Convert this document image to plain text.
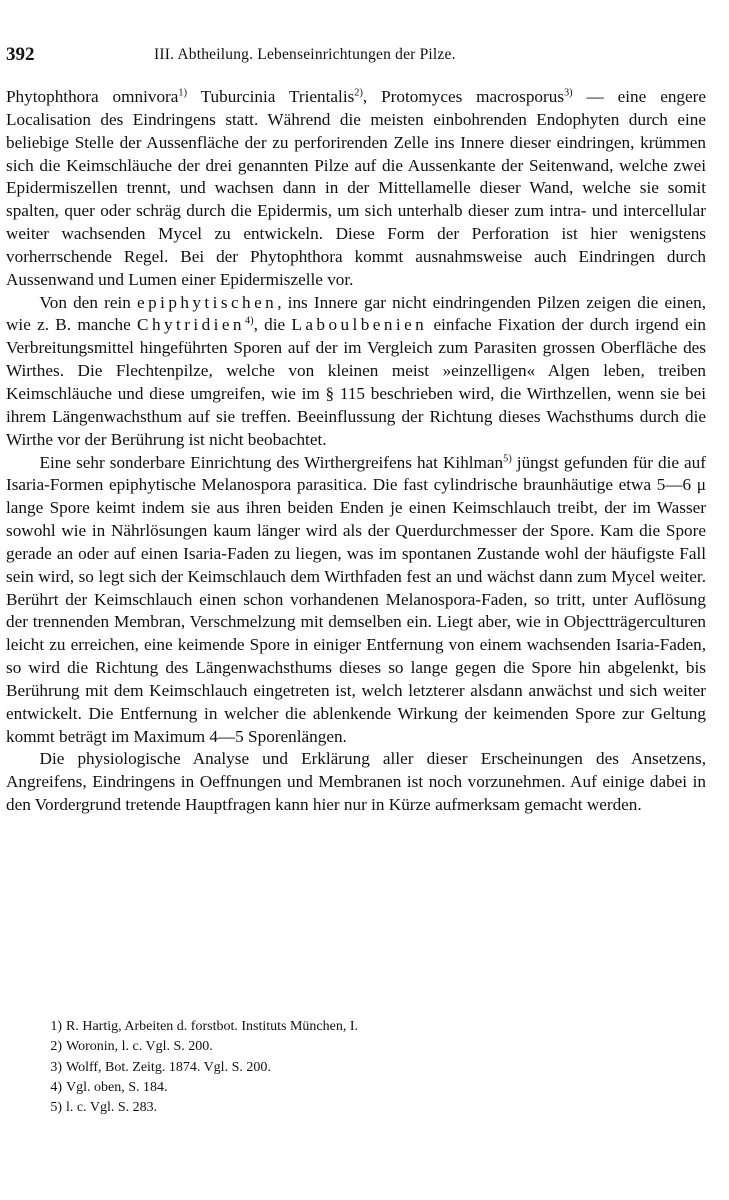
392	III. Abtheilung. Lebenseinrichtungen der Pilze.

Phytophthora omnivora$^{1)}$ Tuburcinia Trientalis$^{2)}$, Protomyces macrosporus$^{3)}$ — eine engere Localisation des Eindringens statt. Während die meisten einbohrenden Endophyten durch eine beliebige Stelle der Aussenfläche der zu perforirenden Zelle ins Innere dieser eindringen, krümmen sich die Keimschläuche der drei genannten Pilze auf die Aussenkante der Seitenwand, welche zwei Epidermiszellen trennt, und wachsen dann in der Mittellamelle dieser Wand, welche sie somit spalten, quer oder schräg durch die Epidermis, um sich unterhalb dieser zum intra- und intercellular weiter wachsenden Mycel zu entwickeln. Diese Form der Perforation ist hier wenigstens vorherrschende Regel. Bei der Phytophthora kommt ausnahmsweise auch Eindringen durch Aussenwand und Lumen einer Epidermiszelle vor.

Von den rein epiphytischen, ins Innere gar nicht eindringenden Pilzen zeigen die einen, wie z. B. manche Chytridien$^{4)}$, die Laboulbenien einfache Fixation der durch irgend ein Verbreitungsmittel hingeführten Sporen auf der im Vergleich zum Parasiten grossen Oberfläche des Wirthes. Die Flechtenpilze, welche von kleinen meist »einzelligen« Algen leben, treiben Keimschläuche und diese umgreifen, wie im § 115 beschrieben wird, die Wirthzellen, wenn sie bei ihrem Längenwachsthum auf sie treffen. Beeinflussung der Richtung dieses Wachsthums durch die Wirthe vor der Berührung ist nicht beobachtet.

Eine sehr sonderbare Einrichtung des Wirthergreifens hat Kihlman$^{5)}$ jüngst gefunden für die auf Isaria-Formen epiphytische Melanospora parasitica. Die fast cylindrische braunhäutige etwa 5—6 μ lange Spore keimt indem sie aus ihren beiden Enden je einen Keimschlauch treibt, der im Wasser sowohl wie in Nährlösungen kaum länger wird als der Querdurchmesser der Spore. Kam die Spore gerade an oder auf einen Isaria-Faden zu liegen, was im spontanen Zustande wohl der häufigste Fall sein wird, so legt sich der Keimschlauch dem Wirthfaden fest an und wächst dann zum Mycel weiter. Berührt der Keimschlauch einen schon vorhandenen Melanospora-Faden, so tritt, unter Auflösung der trennenden Membran, Verschmelzung mit demselben ein. Liegt aber, wie in Objectträgerculturen leicht zu erreichen, eine keimende Spore in einiger Entfernung von einem wachsenden Isaria-Faden, so wird die Richtung des Längenwachsthums dieses so lange gegen die Spore hin abgelenkt, bis Berührung mit dem Keimschlauch eingetreten ist, welch letzterer alsdann anwächst und sich weiter entwickelt. Die Entfernung in welcher die ablenkende Wirkung der keimenden Spore zur Geltung kommt beträgt im Maximum 4—5 Sporenlängen.

Die physiologische Analyse und Erklärung aller dieser Erscheinungen des Ansetzens, Angreifens, Eindringens in Oeffnungen und Membranen ist noch vorzunehmen. Auf einige dabei in den Vordergrund tretende Hauptfragen kann hier nur in Kürze aufmerksam gemacht werden.

1) R. Hartig, Arbeiten d. forstbot. Instituts München, I.
2) Woronin, l. c. Vgl. S. 200.
3) Wolff, Bot. Zeitg. 1874. Vgl. S. 200.
4) Vgl. oben, S. 184.
5) l. c. Vgl. S. 283.
